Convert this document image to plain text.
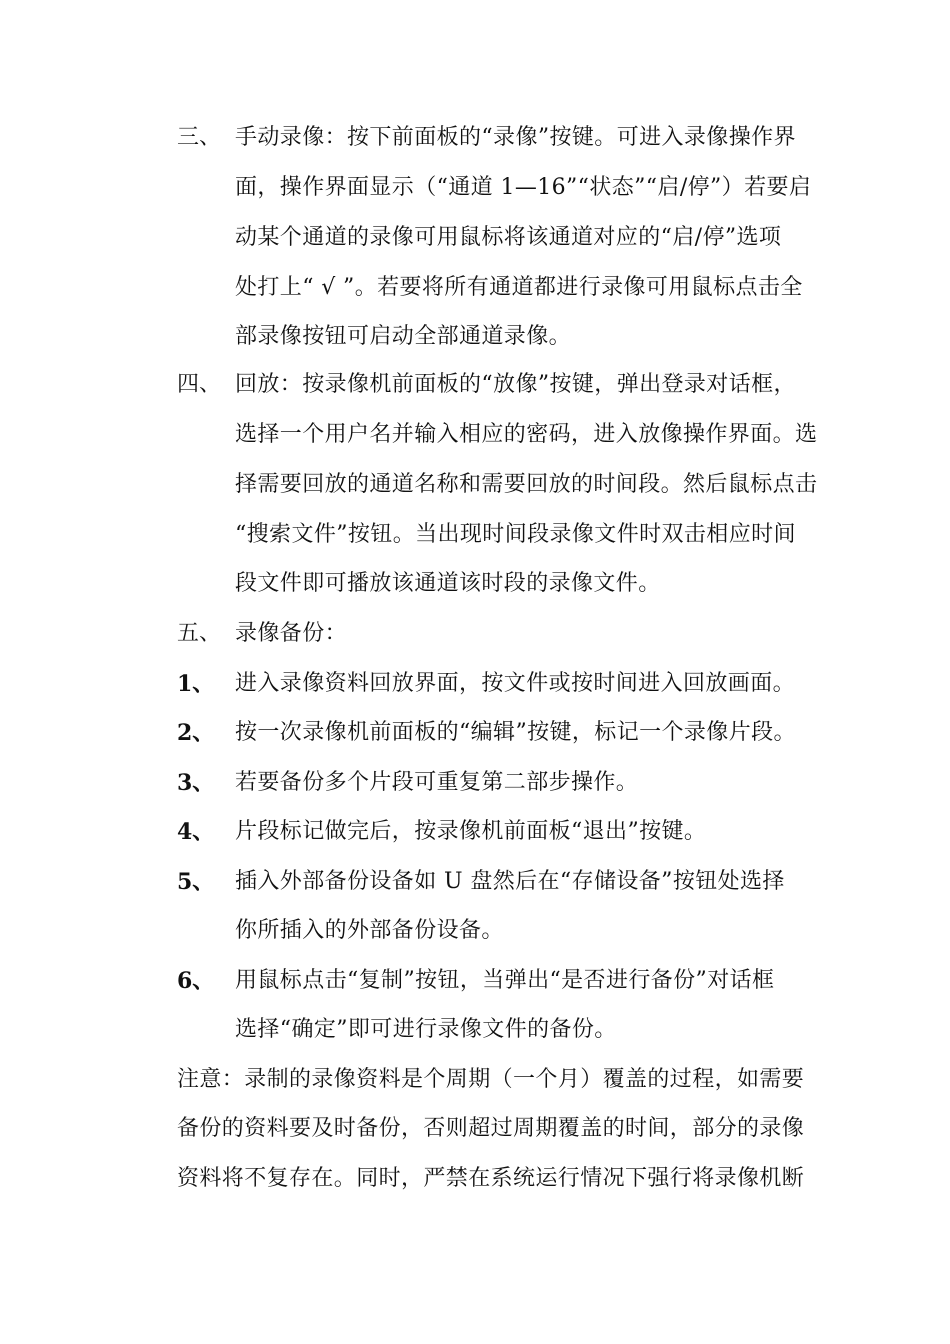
三、 手动录像：按下前面板的“录像”按键。可进入录像操作界
面，操作界面显示（“通道 1—16”“状态”“启/停”）若要启
动某个通道的录像可用鼠标将该通道对应的“启/停”选项
处打上“ √ ”。若要将所有通道都进行录像可用鼠标点击全
部录像按钮可启动全部通道录像。
四、 回放：按录像机前面板的“放像”按键，弹出登录对话框，
选择一个用户名并输入相应的密码，进入放像操作界面。选
择需要回放的通道名称和需要回放的时间段。然后鼠标点击
“搜索文件”按钮。当出现时间段录像文件时双击相应时间
段文件即可播放该通道该时段的录像文件。
五、 录像备份：
1、 进入录像资料回放界面，按文件或按时间进入回放画面。
2、 按一次录像机前面板的“编辑”按键，标记一个录像片段。
3、 若要备份多个片段可重复第二部步操作。
4、 片段标记做完后，按录像机前面板“退出”按键。
5、 插入外部备份设备如 U 盘然后在“存储设备”按钮处选择
你所插入的外部备份设备。
6、 用鼠标点击“复制”按钮，当弹出“是否进行备份”对话框
选择“确定”即可进行录像文件的备份。
注意：录制的录像资料是个周期（一个月）覆盖的过程，如需要
备份的资料要及时备份，否则超过周期覆盖的时间，部分的录像
资料将不复存在。同时，严禁在系统运行情况下强行将录像机断
